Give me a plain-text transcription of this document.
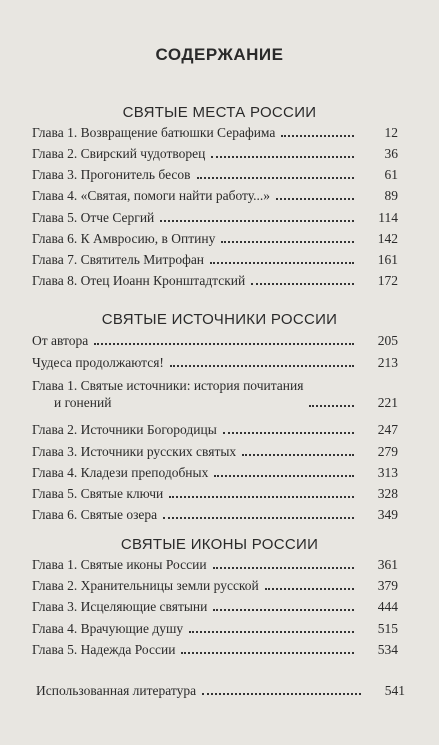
СОДЕРЖАНИЕ
СВЯТЫЕ МЕСТА РОССИИ
Глава 1. Возвращение батюшки Серафима	12
Глава 2. Свирский чудотворец	36
Глава 3. Прогонитель бесов	61
Глава 4. «Святая, помоги найти работу...»	89
Глава 5. Отче Сергий	114
Глава 6. К Амвросию, в Оптину	142
Глава 7. Святитель Митрофан	161
Глава 8. Отец Иоанн Кронштадтский	172
СВЯТЫЕ ИСТОЧНИКИ РОССИИ
От автора	205
Чудеса продолжаются!	213
Глава 1. Святые источники: история почитания
и гонений	221
Глава 2. Источники Богородицы	247
Глава 3. Источники русских святых	279
Глава 4. Кладези преподобных	313
Глава 5. Святые ключи	328
Глава 6. Святые озера	349
СВЯТЫЕ ИКОНЫ РОССИИ
Глава 1. Святые иконы России	361
Глава 2. Хранительницы земли русской	379
Глава 3. Исцеляющие святыни	444
Глава 4. Врачующие душу	515
Глава 5. Надежда России	534
Использованная литература	541
